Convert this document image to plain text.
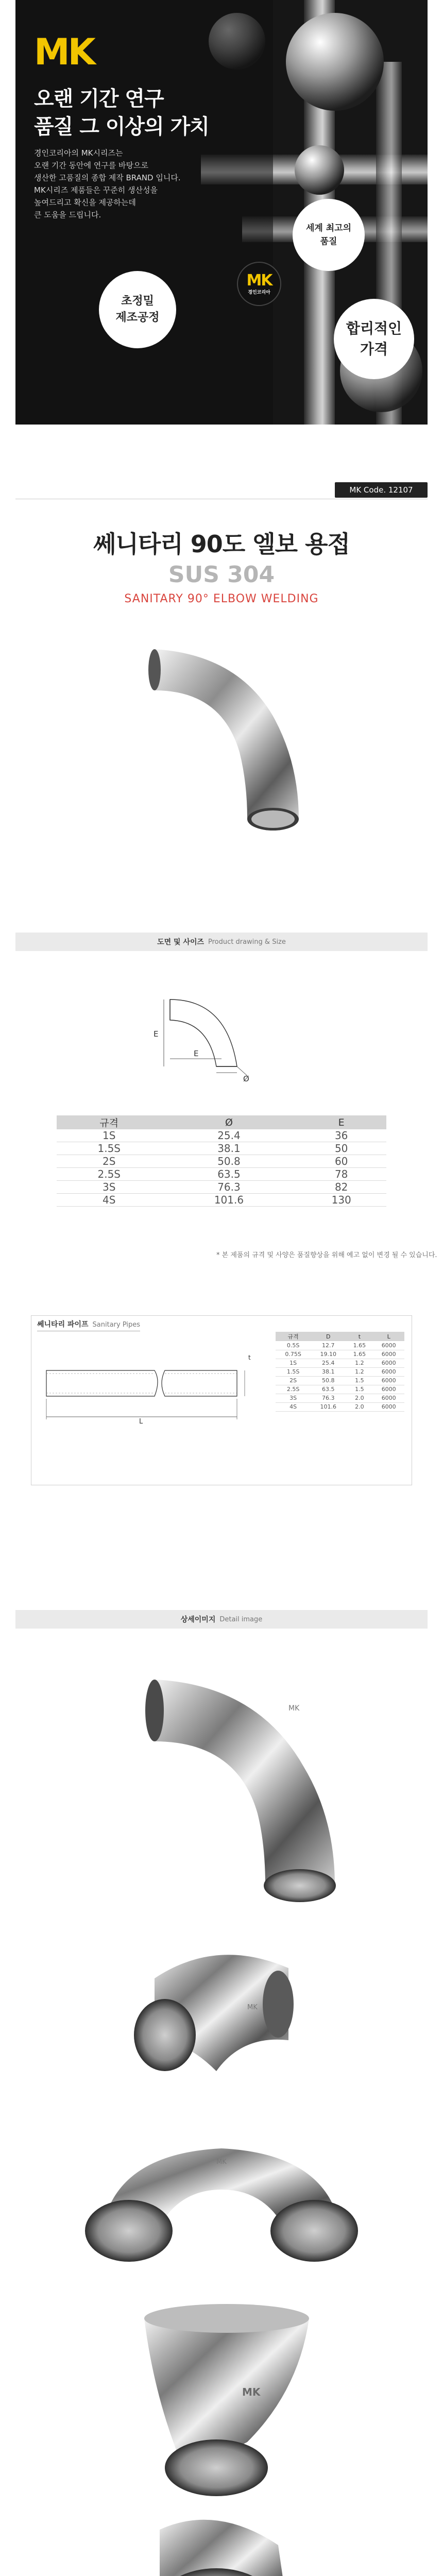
MK
오랜 기간 연구
품질 그 이상의 가치
경인코리아의 MK시리즈는
오랜 기간 동안에 연구를 바탕으로
생산한 고품질의 종합 제작 BRAND 입니다.
MK시리즈 제품들은 꾸준히 생산성을
높여드리고 확신을 제공하는데
큰 도움을 드립니다.
세계 최고의
품질
초정밀
제조공정
MK
경인코리아
합리적인
가격
MK Code. 12107
쎄니타리 90도 엘보 용접
SUS 304
SANITARY 90° ELBOW WELDING
도면 및 사이즈 Product drawing & Size
E
E
Ø
규격	Ø	E
1S	25.4	36
1.5S	38.1	50
2S	50.8	60
2.5S	63.5	78
3S	76.3	82
4S	101.6	130
* 본 제품의 규격 및 사양은 품질향상을 위해 예고 없이 변경 될 수 있습니다.
쎄니타리 파이프 Sanitary Pipes
L
t
규격	D	t	L
0.5S	12.7	1.65	6000
0.75S	19.10	1.65	6000
1S	25.4	1.2	6000
1.5S	38.1	1.2	6000
2S	50.8	1.5	6000
2.5S	63.5	1.5	6000
3S	76.3	2.0	6000
4S	101.6	2.0	6000
상세이미지 Detail image
MK
MK
MK
MK
